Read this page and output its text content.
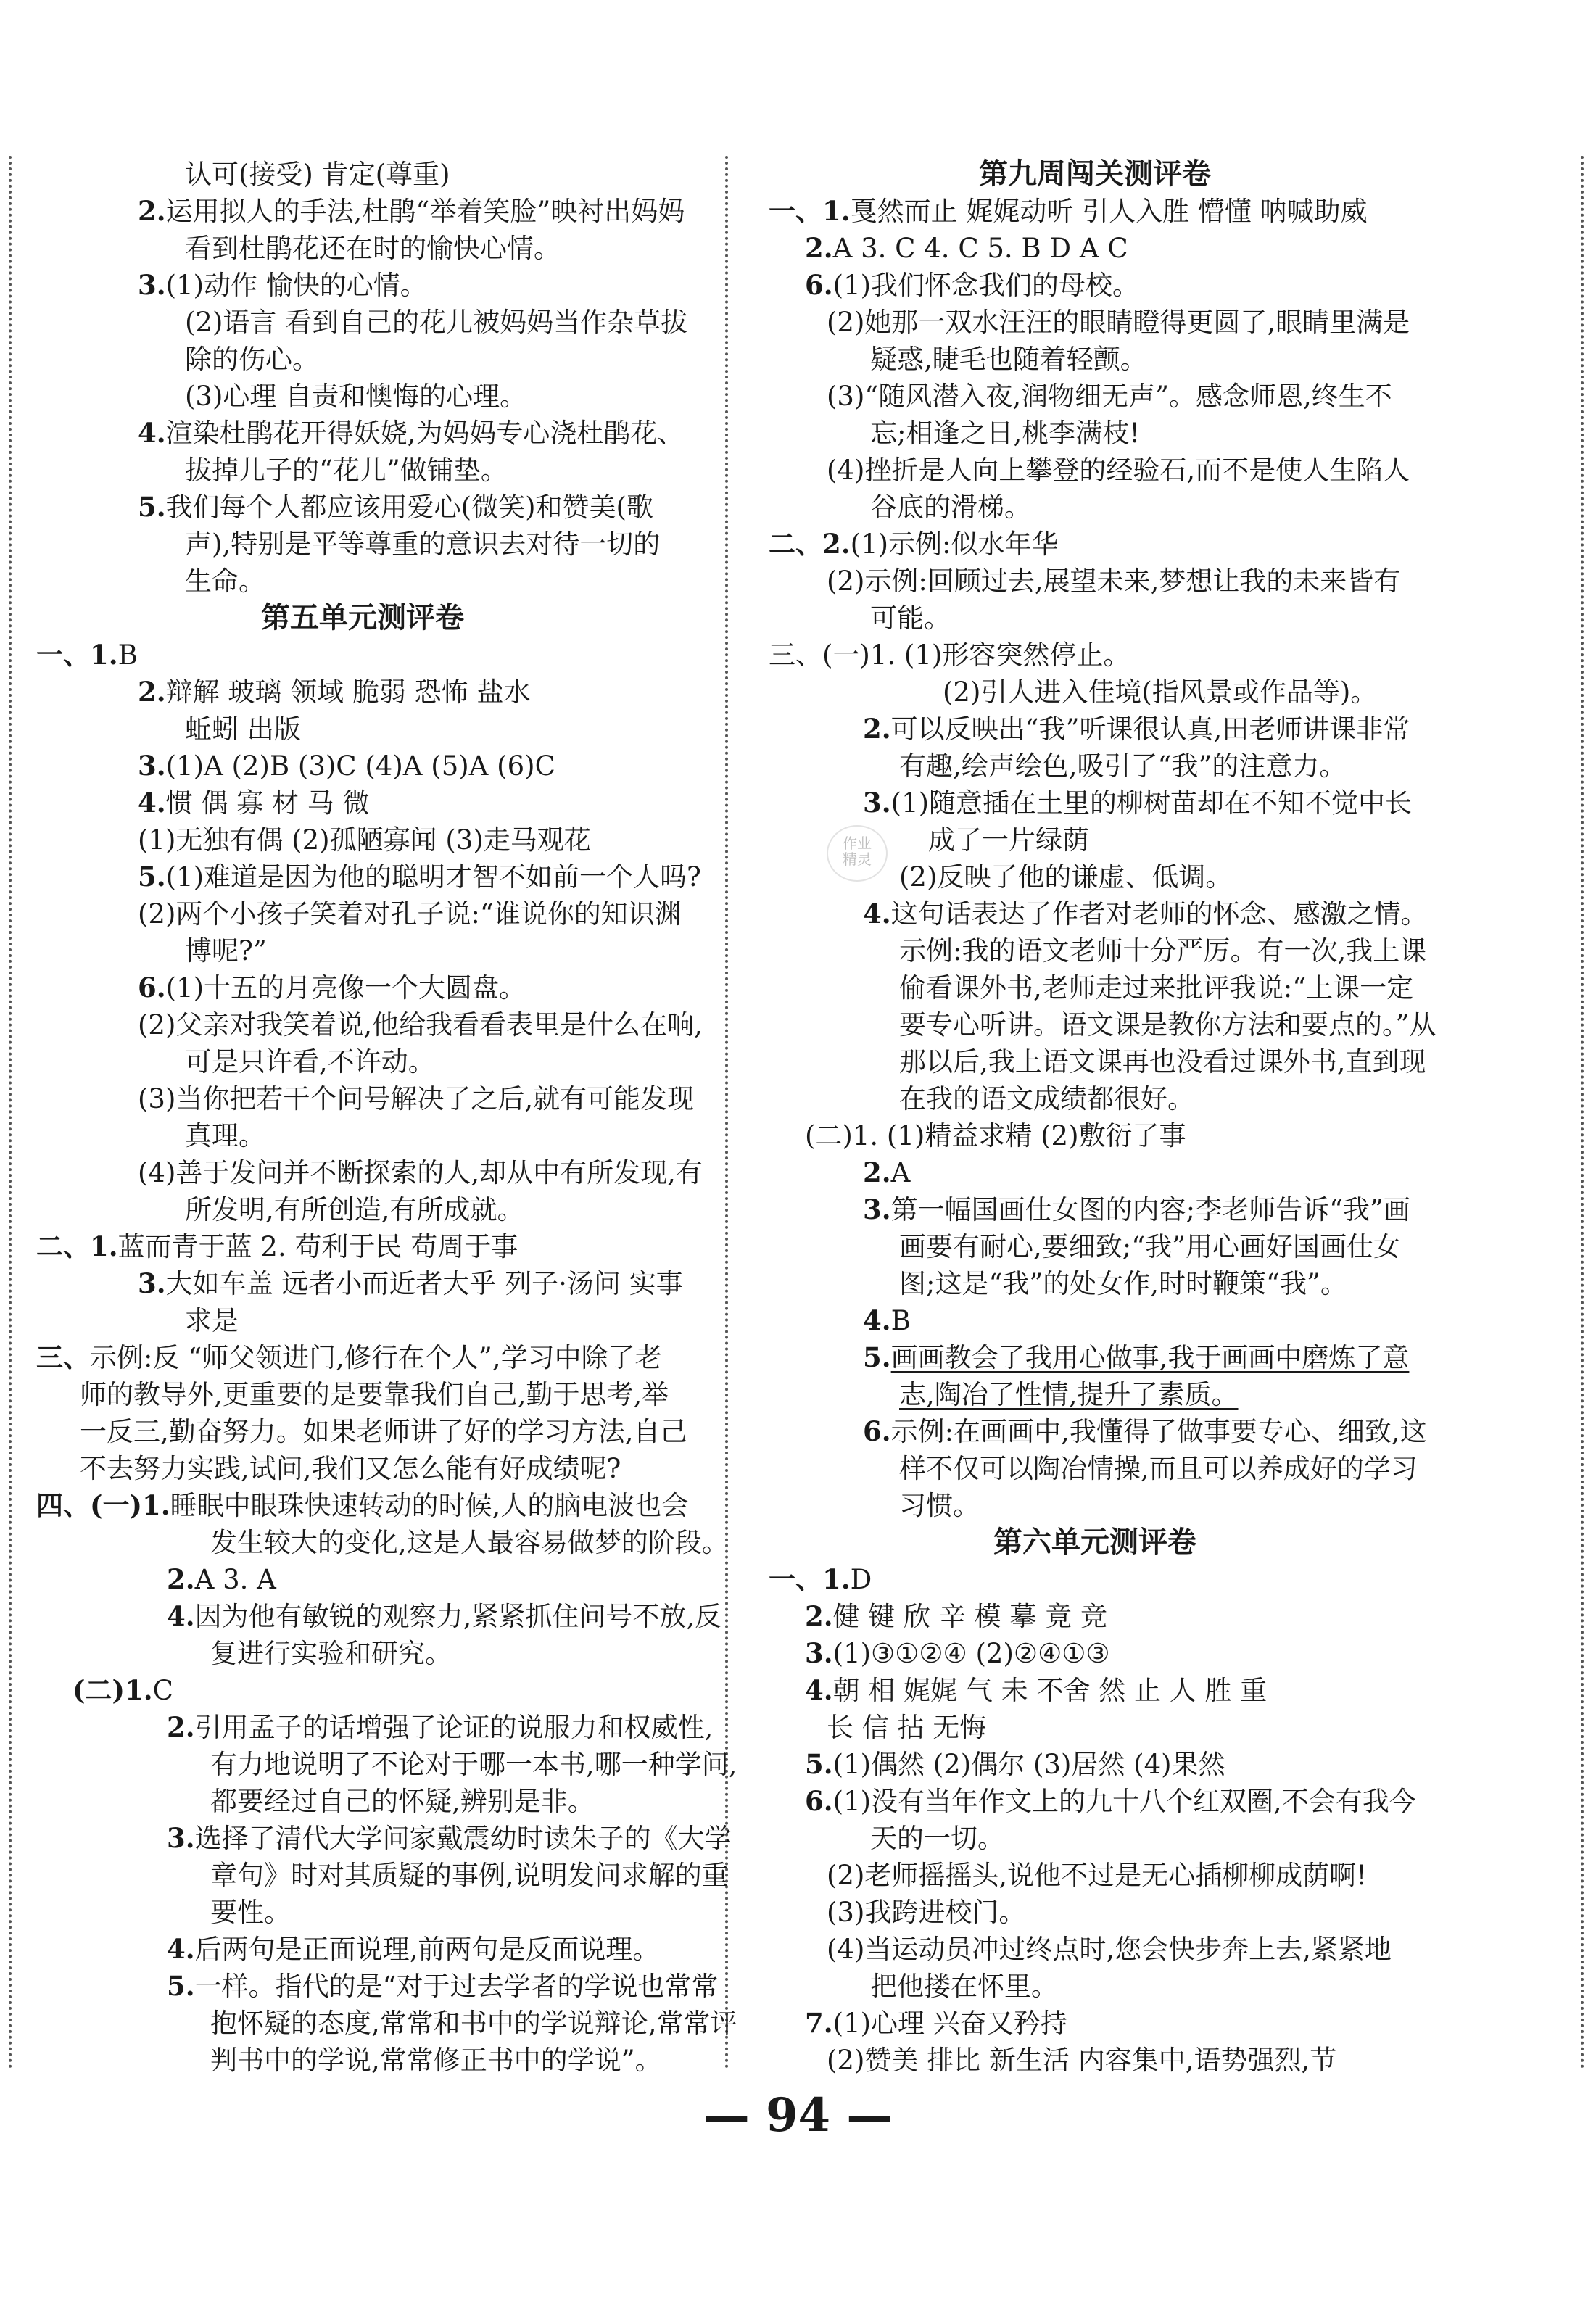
认可(接受) 肯定(尊重)
2.运用拟人的手法,杜鹃“举着笑脸”映衬出妈妈
看到杜鹃花还在时的愉快心情。
3.(1)动作 愉快的心情。
(2)语言 看到自己的花儿被妈妈当作杂草拔
除的伤心。
(3)心理 自责和懊悔的心理。
4.渲染杜鹃花开得妖娆,为妈妈专心浇杜鹃花、
拔掉儿子的“花儿”做铺垫。
5.我们每个人都应该用爱心(微笑)和赞美(歌
声),特别是平等尊重的意识去对待一切的
生命。
第五单元测评卷
一、1.B
2.辩解 玻璃 领域 脆弱 恐怖 盐水
蚯蚓 出版
3.(1)A (2)B (3)C (4)A (5)A (6)C
4.惯 偶 寡 材 马 微
(1)无独有偶 (2)孤陋寡闻 (3)走马观花
5.(1)难道是因为他的聪明才智不如前一个人吗?
(2)两个小孩子笑着对孔子说:“谁说你的知识渊
博呢?”
6.(1)十五的月亮像一个大圆盘。
(2)父亲对我笑着说,他给我看看表里是什么在响,
可是只许看,不许动。
(3)当你把若干个问号解决了之后,就有可能发现
真理。
(4)善于发问并不断探索的人,却从中有所发现,有
所发明,有所创造,有所成就。
二、1.蓝而青于蓝 2. 苟利于民 苟周于事
3.大如车盖 远者小而近者大乎 列子·汤问 实事
求是
三、示例:反 “师父领进门,修行在个人”,学习中除了老
师的教导外,更重要的是要靠我们自己,勤于思考,举
一反三,勤奋努力。如果老师讲了好的学习方法,自己
不去努力实践,试问,我们又怎么能有好成绩呢?
四、(一)1.睡眠中眼珠快速转动的时候,人的脑电波也会
发生较大的变化,这是人最容易做梦的阶段。
2.A 3. A
4.因为他有敏锐的观察力,紧紧抓住问号不放,反
复进行实验和研究。
(二)1.C
2.引用孟子的话增强了论证的说服力和权威性,
有力地说明了不论对于哪一本书,哪一种学问,
都要经过自己的怀疑,辨别是非。
3.选择了清代大学问家戴震幼时读朱子的《大学
章句》时对其质疑的事例,说明发问求解的重
要性。
4.后两句是正面说理,前两句是反面说理。
5.一样。指代的是“对于过去学者的学说也常常
抱怀疑的态度,常常和书中的学说辩论,常常评
判书中的学说,常常修正书中的学说”。
第九周闯关测评卷
一、1.戛然而止 娓娓动听 引人入胜 懵懂 呐喊助威
2.A 3. C 4. C 5. B D A C
6.(1)我们怀念我们的母校。
(2)她那一双水汪汪的眼睛瞪得更圆了,眼睛里满是
疑惑,睫毛也随着轻颤。
(3)“随风潜入夜,润物细无声”。感念师恩,终生不
忘;相逢之日,桃李满枝!
(4)挫折是人向上攀登的经验石,而不是使人生陷人
谷底的滑梯。
二、2.(1)示例:似水年华
(2)示例:回顾过去,展望未来,梦想让我的未来皆有
可能。
三、(一)1. (1)形容突然停止。
(2)引人进入佳境(指风景或作品等)。
2.可以反映出“我”听课很认真,田老师讲课非常
有趣,绘声绘色,吸引了“我”的注意力。
3.(1)随意插在土里的柳树苗却在不知不觉中长
成了一片绿荫
(2)反映了他的谦虚、低调。
4.这句话表达了作者对老师的怀念、感激之情。
示例:我的语文老师十分严厉。有一次,我上课
偷看课外书,老师走过来批评我说:“上课一定
要专心听讲。语文课是教你方法和要点的。”从
那以后,我上语文课再也没看过课外书,直到现
在我的语文成绩都很好。
(二)1. (1)精益求精 (2)敷衍了事
2.A
3.第一幅国画仕女图的内容;李老师告诉“我”画
画要有耐心,要细致;“我”用心画好国画仕女
图;这是“我”的处女作,时时鞭策“我”。
4.B
5.画画教会了我用心做事,我于画画中磨炼了意
志,陶冶了性情,提升了素质。
6.示例:在画画中,我懂得了做事要专心、细致,这
样不仅可以陶冶情操,而且可以养成好的学习
习惯。
第六单元测评卷
一、1.D
2.健 键 欣 辛 模 摹 竟 竞
3.(1)③①②④ (2)②④①③
4.朝 相 娓娓 气 未 不舍 然 止 人 胜 重
长 信 拈 无悔
5.(1)偶然 (2)偶尔 (3)居然 (4)果然
6.(1)没有当年作文上的九十八个红双圈,不会有我今
天的一切。
(2)老师摇摇头,说他不过是无心插柳柳成荫啊!
(3)我跨进校门。
(4)当运动员冲过终点时,您会快步奔上去,紧紧地
把他搂在怀里。
7.(1)心理 兴奋又矜持
(2)赞美 排比 新生活 内容集中,语势强烈,节
作业
精灵
— 94 —
